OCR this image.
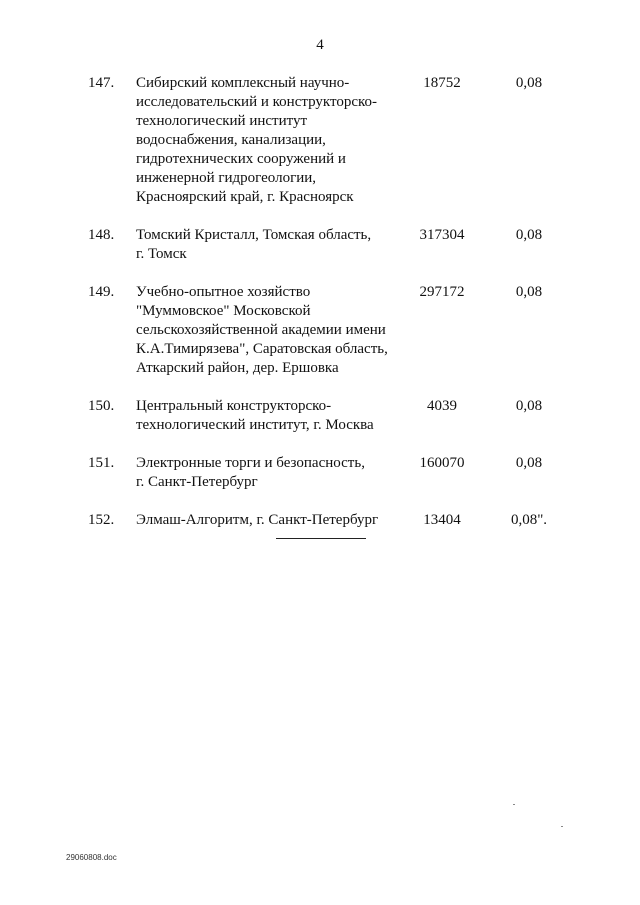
4
147. Сибирский комплексный научно-
исследовательский и конструкторско-
технологический институт
водоснабжения, канализации,
гидротехнических сооружений и
инженерной гидрогеологии,
Красноярский край, г. Красноярск
18752	0,08
148. Томский Кристалл, Томская область,
г. Томск
317304	0,08
149. Учебно-опытное хозяйство
"Муммовское" Московской
сельскохозяйственной академии имени
К.А.Тимирязева", Саратовская область,
Аткарский район, дер. Ершовка
297172	0,08
150. Центральный конструкторско-
технологический институт, г. Москва
4039	0,08
151. Электронные торги и безопасность,
г. Санкт-Петербург
160070	0,08
152. Элмаш-Алгоритм, г. Санкт-Петербург	13404	0,08".
29060808.doc
